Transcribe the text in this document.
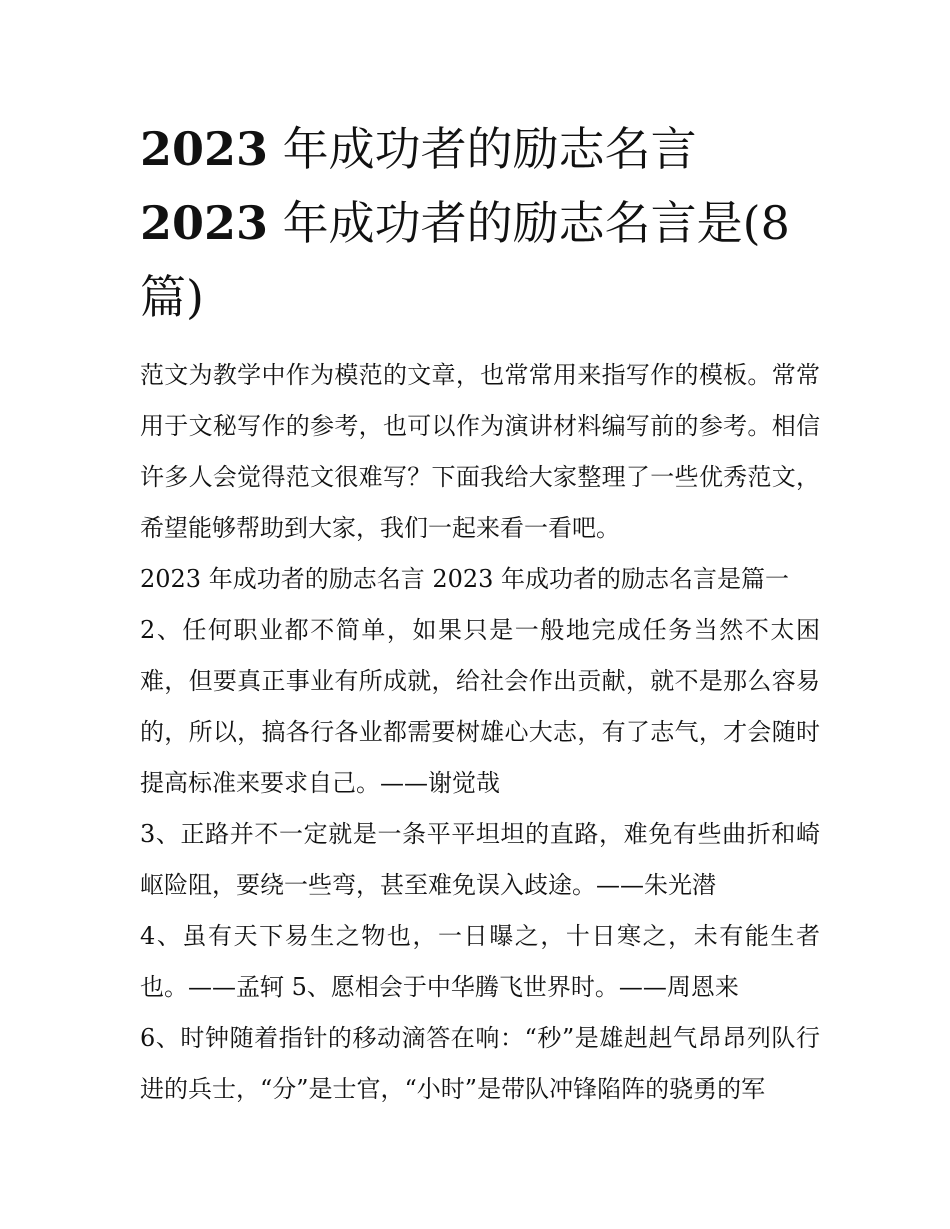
2023 年成功者的励志名言
2023 年成功者的励志名言是(8
篇)

范文为教学中作为模范的文章，也常常用来指写作的模板。常常用于文秘写作的参考，也可以作为演讲材料编写前的参考。相信许多人会觉得范文很难写？下面我给大家整理了一些优秀范文，希望能够帮助到大家，我们一起来看一看吧。

2023 年成功者的励志名言 2023 年成功者的励志名言是篇一

2、任何职业都不简单，如果只是一般地完成任务当然不太困难，但要真正事业有所成就，给社会作出贡献，就不是那么容易的，所以，搞各行各业都需要树雄心大志，有了志气，才会随时提高标准来要求自己。——谢觉哉

3、正路并不一定就是一条平平坦坦的直路，难免有些曲折和崎岖险阻，要绕一些弯，甚至难免误入歧途。——朱光潜

4、虽有天下易生之物也，一日曝之，十日寒之，未有能生者也。——孟轲 5、愿相会于中华腾飞世界时。——周恩来

6、时钟随着指针的移动滴答在响：“秒”是雄赳赳气昂昂列队行进的兵士，“分”是士官，“小时”是带队冲锋陷阵的骁勇的军
